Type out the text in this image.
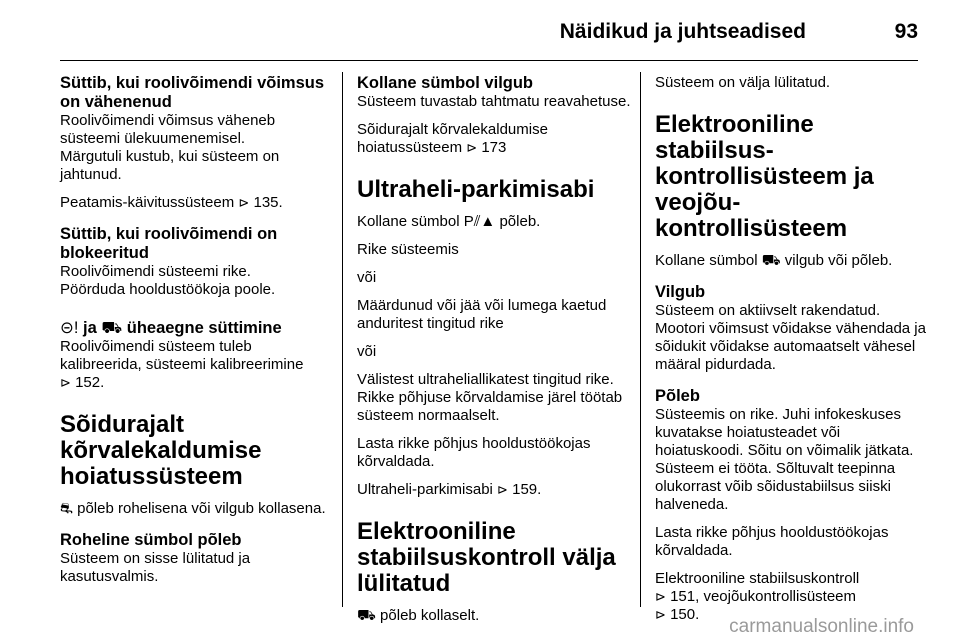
Näidikud ja juhtseadised	93
Süttib, kui roolivõimendi võimsus on vähenenud

Roolivõimendi võimsus väheneb süsteemi ülekuumenemisel.

Märgutuli kustub, kui süsteem on jahtunud.

Peatamis-käivitussüsteem ⊳ 135.

Süttib, kui roolivõimendi on blokeeritud

Roolivõimendi süsteemi rike.

Pöörduda hooldustöökoja poole.

⊝! ja ⛟ üheaegne süttimine

Roolivõimendi süsteem tuleb kalibreerida, süsteemi kalibreerimine
⊳ 152.

Sõidurajalt kõrvalekaldumise hoiatussüsteem

⛐ põleb rohelisena või vilgub kollasena.

Roheline sümbol põleb

Süsteem on sisse lülitatud ja kasutusvalmis.

Kollane sümbol vilgub

Süsteem tuvastab tahtmatu reavahetuse.

Sõidurajalt kõrvalekaldumise hoiatussüsteem ⊳ 173

Ultraheli-parkimisabi

Kollane sümbol P⫽▲ põleb.

Rike süsteemis

või

Määrdunud või jää või lumega kaetud anduritest tingitud rike

või

Välistest ultraheliallikatest tingitud rike. Rikke põhjuse kõrvaldamise järel töötab süsteem normaalselt.

Lasta rikke põhjus hooldustöökojas kõrvaldada.

Ultraheli-parkimisabi ⊳ 159.

Elektrooniline stabiilsuskontroll välja lülitatud

⛟ põleb kollaselt.

Süsteem on välja lülitatud.

Elektrooniline stabiilsus-kontrollisüsteem ja veojõu-kontrollisüsteem

Kollane sümbol ⛟ vilgub või põleb.

Vilgub

Süsteem on aktiivselt rakendatud.

Mootori võimsust võidakse vähendada ja sõidukit võidakse automaatselt vähesel määral pidurdada.

Põleb

Süsteemis on rike. Juhi infokeskuses kuvatakse hoiatusteadet või hoiatuskoodi. Sõitu on võimalik jätkata. Süsteem ei tööta. Sõltuvalt teepinna olukorrast võib sõidustabiilsus siiski halveneda.

Lasta rikke põhjus hooldustöökojas kõrvaldada.

Elektrooniline stabiilsuskontroll
⊳ 151, veojõukontrollisüsteem
⊳ 150.

carmanualsonline.info
